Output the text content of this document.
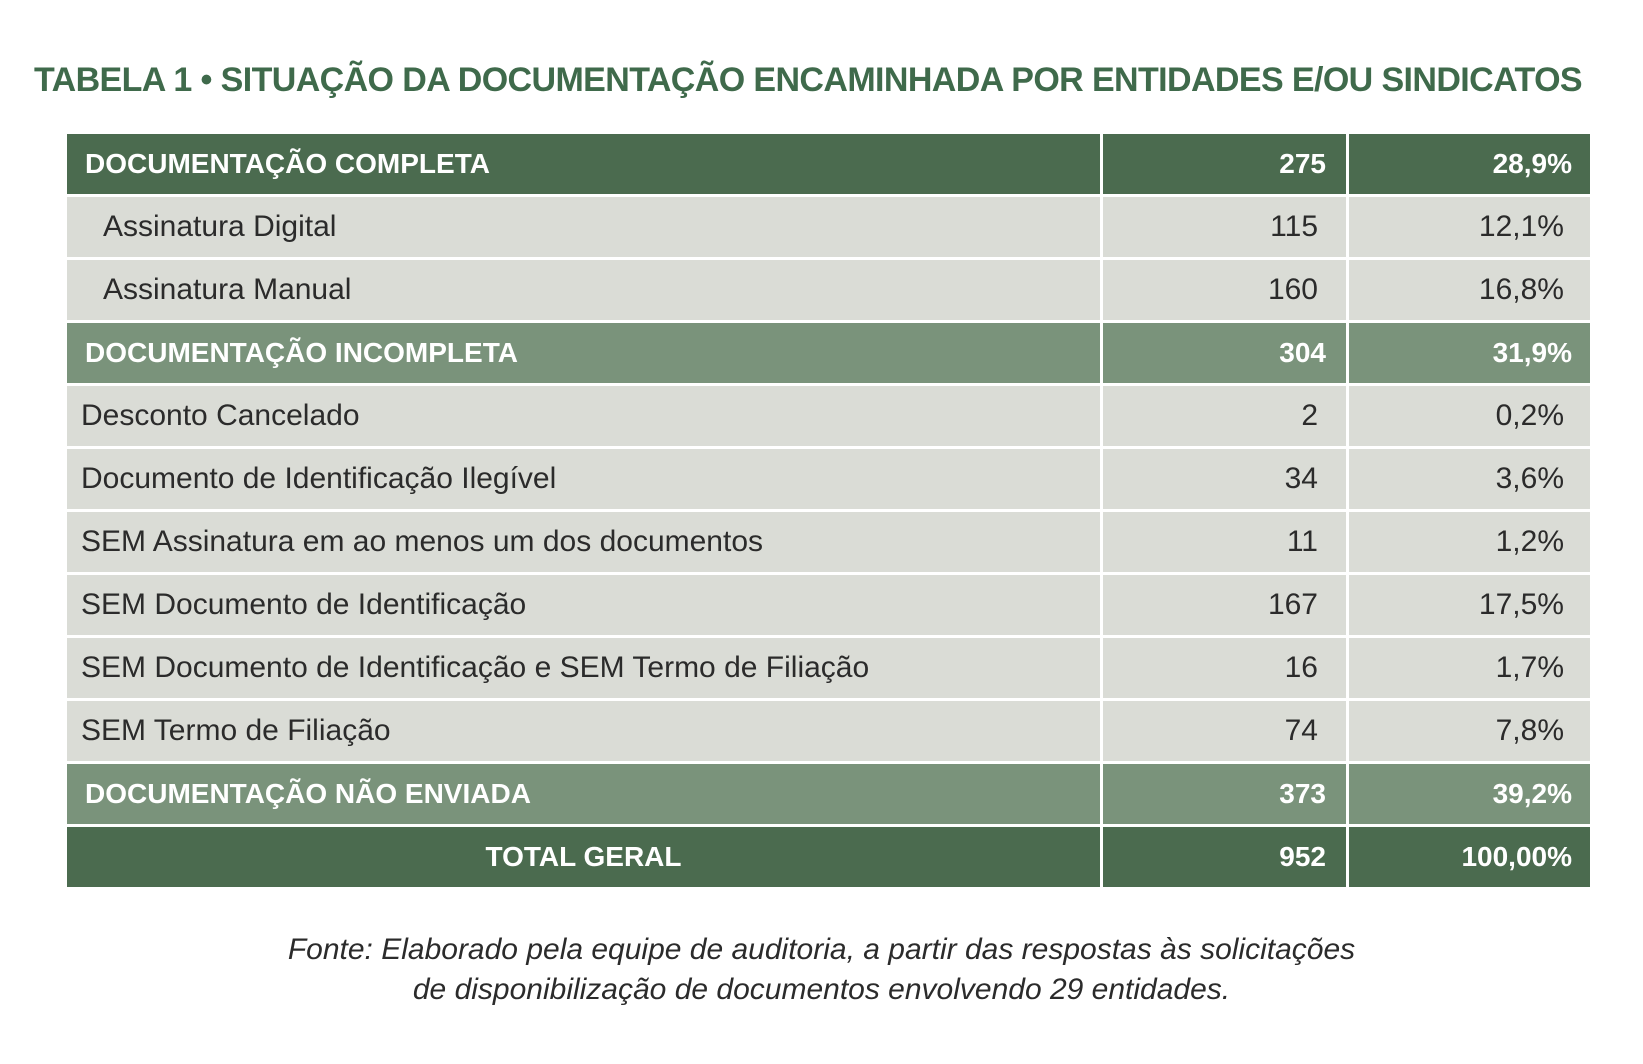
TABELA 1 • SITUAÇÃO DA DOCUMENTAÇÃO ENCAMINHADA POR ENTIDADES E/OU SINDICATOS
DOCUMENTAÇÃO COMPLETA	275	28,9%
Assinatura Digital	115	12,1%
Assinatura Manual	160	16,8%
DOCUMENTAÇÃO INCOMPLETA	304	31,9%
Desconto Cancelado	2	0,2%
Documento de Identificação Ilegível	34	3,6%
SEM Assinatura em ao menos um dos documentos	11	1,2%
SEM Documento de Identificação	167	17,5%
SEM Documento de Identificação e SEM Termo de Filiação	16	1,7%
SEM Termo de Filiação	74	7,8%
DOCUMENTAÇÃO NÃO ENVIADA	373	39,2%
TOTAL GERAL	952	100,00%
Fonte: Elaborado pela equipe de auditoria, a partir das respostas às solicitações
de disponibilização de documentos envolvendo 29 entidades.
